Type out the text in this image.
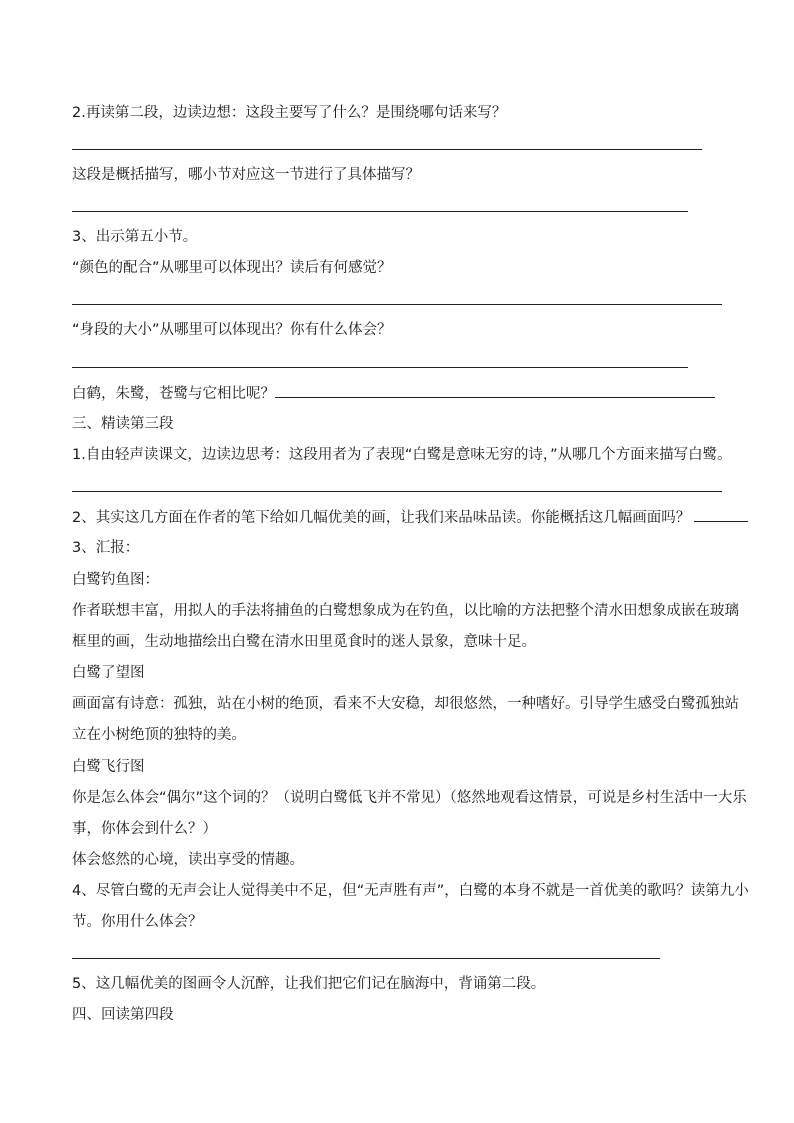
2.再读第二段，边读边想：这段主要写了什么？是围绕哪句话来写？
这段是概括描写，哪小节对应这一节进行了具体描写？
3、出示第五小节。
“颜色的配合”从哪里可以体现出？读后有何感觉？
“身段的大小”从哪里可以体现出？你有什么体会？
白鹤，朱鹭，苍鹭与它相比呢？
三、精读第三段
1.自由轻声读课文，边读边思考：这段用者为了表现“白鹭是意味无穷的诗，”从哪几个方面来描写白鹭。
2、其实这几方面在作者的笔下给如几幅优美的画，让我们来品味品读。你能概括这几幅画面吗？
3、汇报：
白鹭钓鱼图：
作者联想丰富，用拟人的手法将捕鱼的白鹭想象成为在钓鱼，以比喻的方法把整个清水田想象成嵌在玻璃
框里的画，生动地描绘出白鹭在清水田里觅食时的迷人景象，意味十足。
白鹭了望图
画面富有诗意：孤独，站在小树的绝顶，看来不大安稳，却很悠然，一种嗜好。引导学生感受白鹭孤独站
立在小树绝顶的独特的美。
白鹭飞行图
你是怎么体会“偶尔”这个词的？（说明白鹭低飞并不常见）（悠然地观看这情景，可说是乡村生活中一大乐
事，你体会到什么？）
体会悠然的心境，读出享受的情趣。
4、尽管白鹭的无声会让人觉得美中不足，但“无声胜有声”，白鹭的本身不就是一首优美的歌吗？读第九小
节。你用什么体会？
5、这几幅优美的图画令人沉醉，让我们把它们记在脑海中，背诵第二段。
四、回读第四段
